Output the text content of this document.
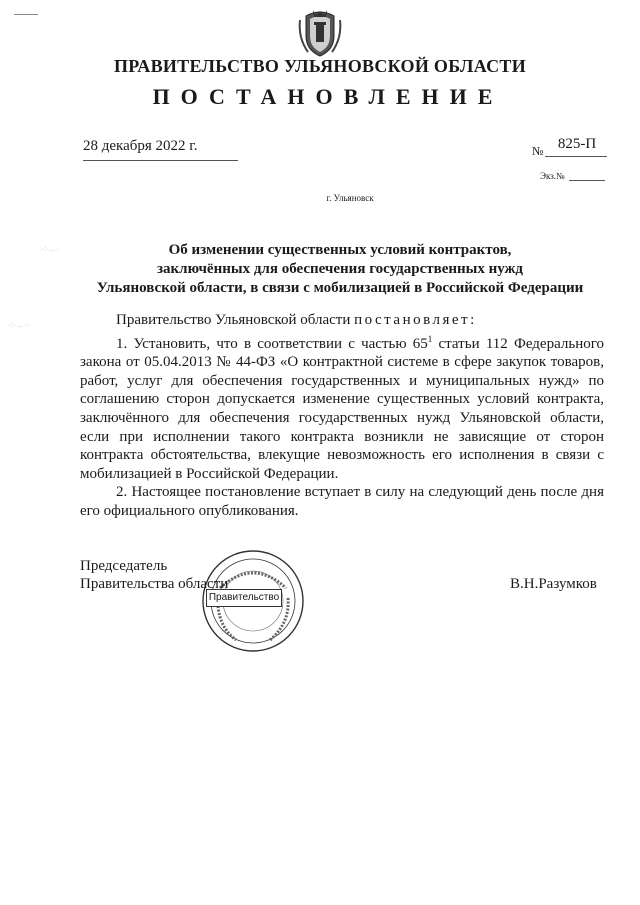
ПРАВИТЕЛЬСТВО УЛЬЯНОВСКОЙ ОБЛАСТИ
ПОСТАНОВЛЕНИЕ
28 декабря 2022 г.	№ 825-П
Экз.№
г. Ульяновск
··:·…·
·:··…·:·
Об изменении существенных условий контрактов,
заключённых для обеспечения государственных нужд
Ульяновской области, в связи с мобилизацией в Российской Федерации

Правительство Ульяновской области постановляет:

1. Установить, что в соответствии с частью $65^1$ статьи 112 Федерального закона от 05.04.2013 № 44-ФЗ «О контрактной системе в сфере закупок товаров, работ, услуг для обеспечения государственных и муниципальных нужд» по соглашению сторон допускается изменение существенных условий контракта, заключённого для обеспечения государственных нужд Ульяновской области, если при исполнении такого контракта возникли не зависящие от сторон контракта обстоятельства, влекущие невозможность его исполнения в связи с мобилизацией в Российской Федерации.

2. Настоящее постановление вступает в силу на следующий день после дня его официального опубликования.

Правительство
Председатель
Правительства области	В.Н.Разумков
